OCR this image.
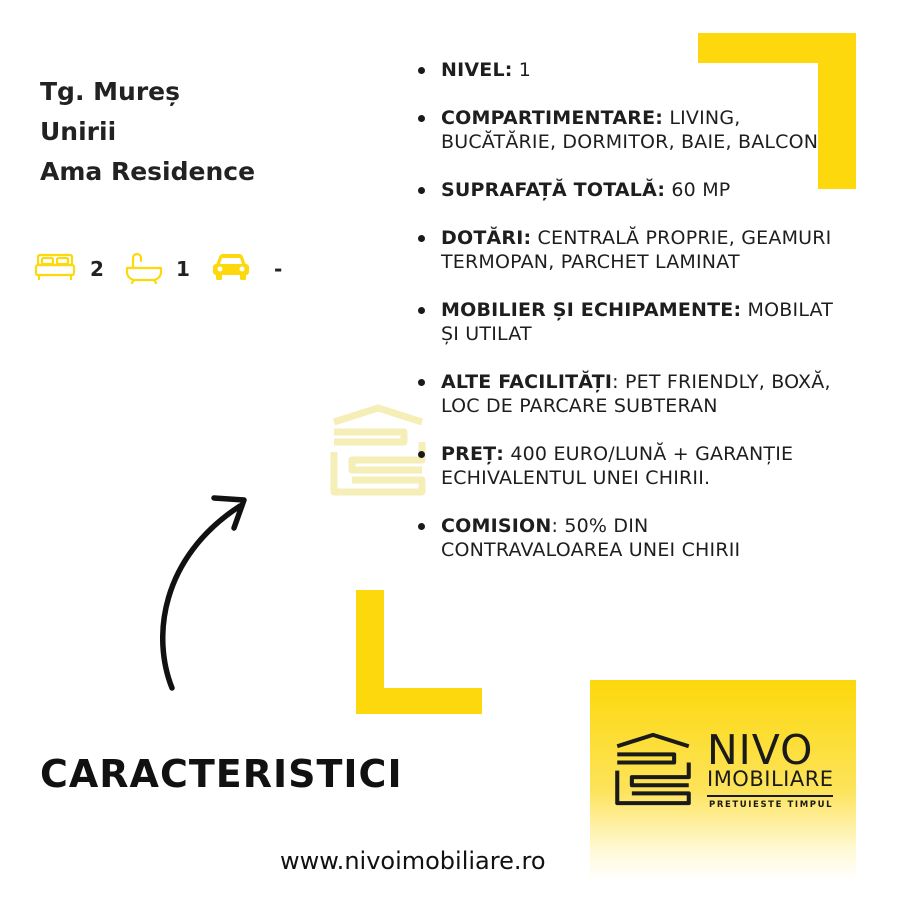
Tg. Mureș
Unirii
Ama Residence
2	1	-
NIVEL: 1
COMPARTIMENTARE: LIVING, BUCĂTĂRIE, DORMITOR, BAIE, BALCON
SUPRAFAȚĂ TOTALĂ: 60 MP
DOTĂRI: CENTRALĂ PROPRIE, GEAMURI TERMOPAN, PARCHET LAMINAT
MOBILIER ȘI ECHIPAMENTE: MOBILAT ȘI UTILAT
ALTE FACILITĂȚI: PET FRIENDLY, BOXĂ, LOC DE PARCARE SUBTERAN
PREȚ: 400 EURO/LUNĂ + GARANȚIE ECHIVALENTUL UNEI CHIRII.
COMISION: 50% DIN CONTRAVALOAREA UNEI CHIRII
CARACTERISTICI	NIVO
IMOBILIARE
PRETUIESTE TIMPUL
www.nivoimobiliare.ro
